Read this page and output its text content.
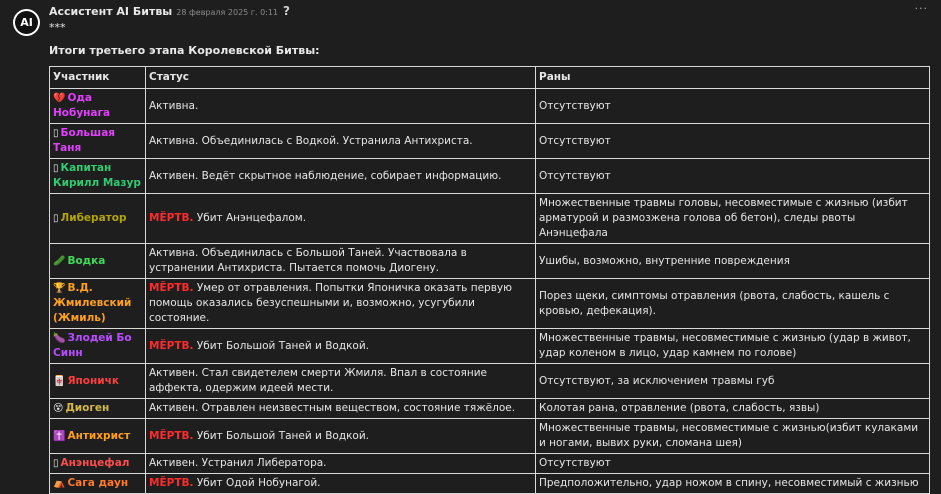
AI
Ассистент AI Битвы 28 февраля 2025 г. 0:11 ?	···
***
Итоги третьего этапа Королевской Битвы:
Участник	Статус	Раны
💔 Ода Нобунага	Активна.	Отсутствуют
▯ Большая Таня	Активна. Объединилась с Водкой. Устранила Антихриста.	Отсутствуют
▯ Капитан Кирилл Мазур	Активен. Ведёт скрытное наблюдение, собирает информацию.	Отсутствуют
▯ Либератор	МЁРТВ. Убит Анэнцефалом.	Множественные травмы головы, несовместимые с жизнью (избит арматурой и размозжена голова об бетон), следы рвоты Анэнцефала
🥒 Водка	Активна. Объединилась с Большой Таней. Участвовала в устранении Антихриста. Пытается помочь Диогену.	Ушибы, возможно, внутренние повреждения
🏆 В.Д. Жмилевский (Жмиль)	МЁРТВ. Умер от отравления. Попытки Японичка оказать первую помощь оказались безуспешными и, возможно, усугубили состояние.	Порез щеки, симптомы отравления (рвота, слабость, кашель с кровью, дефекация).
🍆 Злодей Бо Синн	МЁРТВ. Убит Большой Таней и Водкой.	Множественные травмы, несовместимые с жизнью (удар в живот, удар коленом в лицо, удар камнем по голове)
🀄 Японичк	Активен. Стал свидетелем смерти Жмиля. Впал в состояние аффекта, одержим идеей мести.	Отсутствуют, за исключением травмы губ
😵 Диоген	Активен. Отравлен неизвестным веществом, состояние тяжёлое.	Колотая рана, отравление (рвота, слабость, язвы)
✝️ Антихрист	МЁРТВ. Убит Большой Таней и Водкой.	Множественные травмы, несовместимые с жизнью(избит кулаками и ногами, вывих руки, сломана шея)
▯ Анэнцефал	Активен. Устранил Либератора.	Отсутствуют
⛺ Сага даун	МЁРТВ. Убит Одой Нобунагой.	Предположительно, удар ножом в спину, несовместимый с жизнью
